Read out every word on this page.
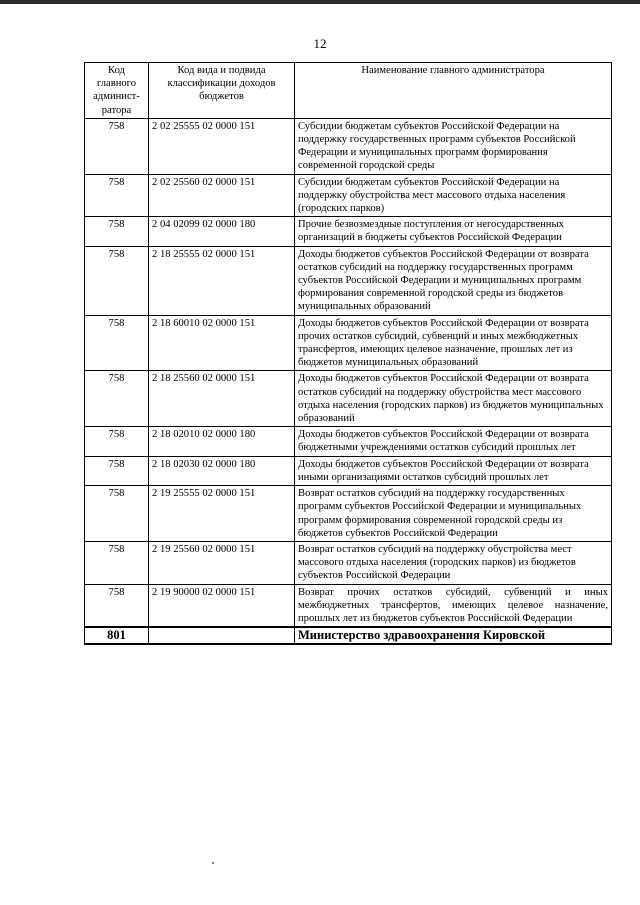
12
Код главного админист-ратора	Код вида и подвида классификации доходов бюджетов	Наименование главного администратора
758	2 02 25555 02 0000 151	Субсидии бюджетам субъектов Российской Федерации на поддержку государственных программ субъектов Российской Федерации и муниципальных программ формирования современной городской среды
758	2 02 25560 02 0000 151	Субсидии бюджетам субъектов Российской Федерации на поддержку обустройства мест массового отдыха населения (городских парков)
758	2 04 02099 02 0000 180	Прочие безвозмездные поступления от негосударственных организаций в бюджеты субъектов Российской Федерации
758	2 18 25555 02 0000 151	Доходы бюджетов субъектов Российской Федерации от возврата остатков субсидий на поддержку государственных программ субъектов Российской Федерации и муниципальных программ формирования современной городской среды из бюджетов муниципальных образований
758	2 18 60010 02 0000 151	Доходы бюджетов субъектов Российской Федерации от возврата прочих остатков субсидий, субвенций и иных межбюджетных трансфертов, имеющих целевое назначение, прошлых лет из бюджетов муниципальных образований
758	2 18 25560 02 0000 151	Доходы бюджетов субъектов Российской Федерации от возврата остатков субсидий на поддержку обустройства мест массового отдыха населения (городских парков) из бюджетов муниципальных образований
758	2 18 02010 02 0000 180	Доходы бюджетов субъектов Российской Федерации от возврата бюджетными учреждениями остатков субсидий прошлых лет
758	2 18 02030 02 0000 180	Доходы бюджетов субъектов Российской Федерации от возврата иными организациями остатков субсидий прошлых лет
758	2 19 25555 02 0000 151	Возврат остатков субсидий на поддержку государственных программ субъектов Российской Федерации и муниципальных программ формирования современной городской среды из бюджетов субъектов Российской Федерации
758	2 19 25560 02 0000 151	Возврат остатков субсидий на поддержку обустройства мест массового отдыха населения (городских парков) из бюджетов субъектов Российской Федерации
758	2 19 90000 02 0000 151	Возврат прочих остатков субсидий, субвенций и иных межбюджетных трансфертов, имеющих целевое назначение, прошлых лет из бюджетов субъектов Российской Федерации
801		Министерство здравоохранения Кировской
